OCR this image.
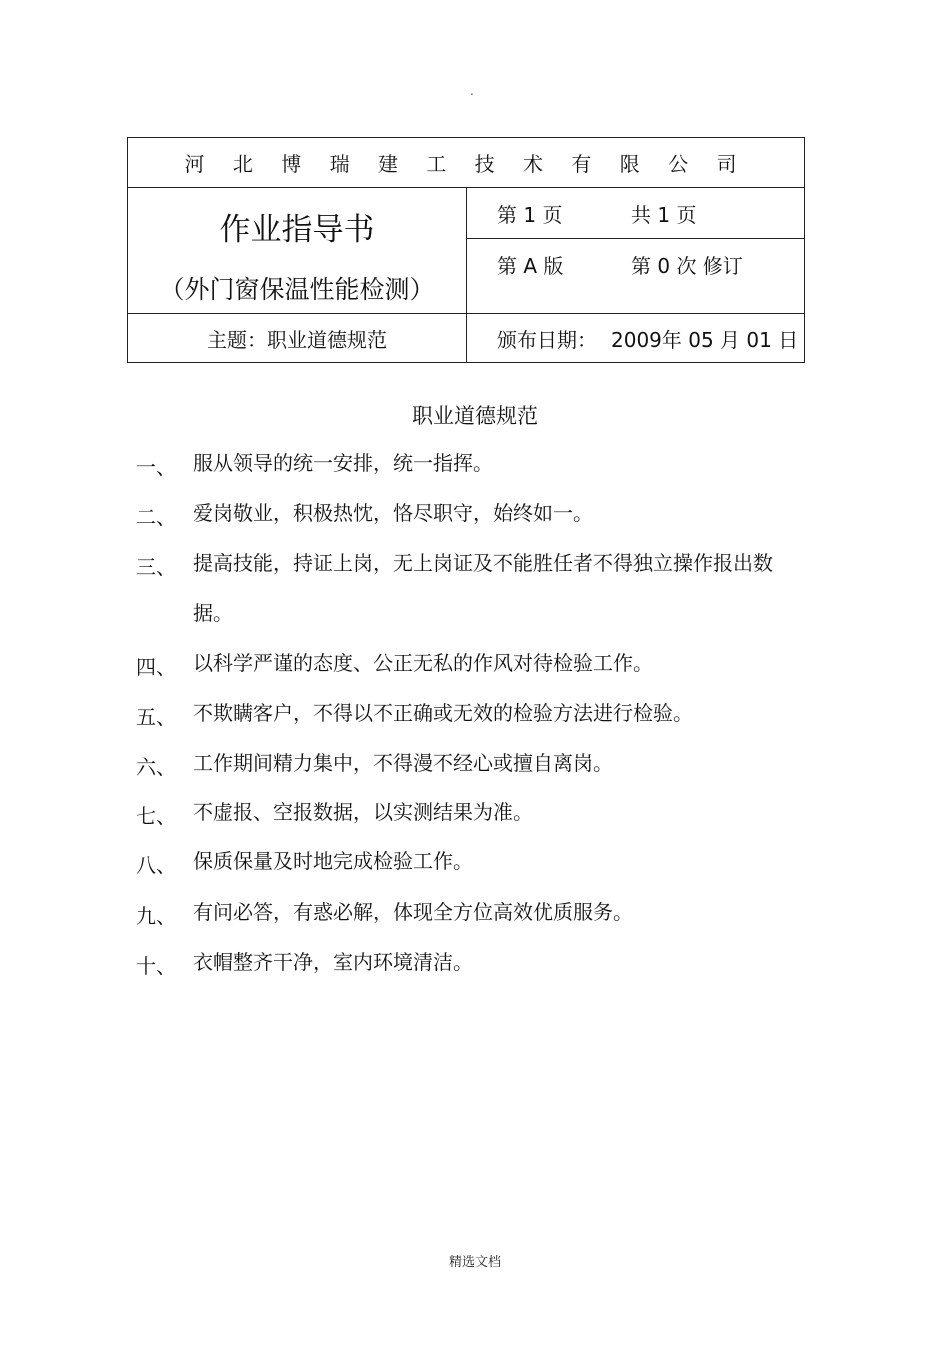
.
河 北 博 瑞 建 工 技 术 有 限 公 司
作业指导书
（外门窗保温性能检测）
第 1 页	共 1 页
第 A 版	第 0 次 修订
主题：职业道德规范	颁布日期： 2009年 05 月 01 日
职业道德规范
一、 服从领导的统一安排，统一指挥。
二、 爱岗敬业，积极热忱，恪尽职守，始终如一。
三、 提高技能，持证上岗，无上岗证及不能胜任者不得独立操作报出数据。
四、 以科学严谨的态度、公正无私的作风对待检验工作。
五、 不欺瞒客户，不得以不正确或无效的检验方法进行检验。
六、 工作期间精力集中，不得漫不经心或擅自离岗。
七、 不虚报、空报数据，以实测结果为准。
八、 保质保量及时地完成检验工作。
九、 有问必答，有惑必解，体现全方位高效优质服务。
十、 衣帽整齐干净，室内环境清洁。
精选文档
